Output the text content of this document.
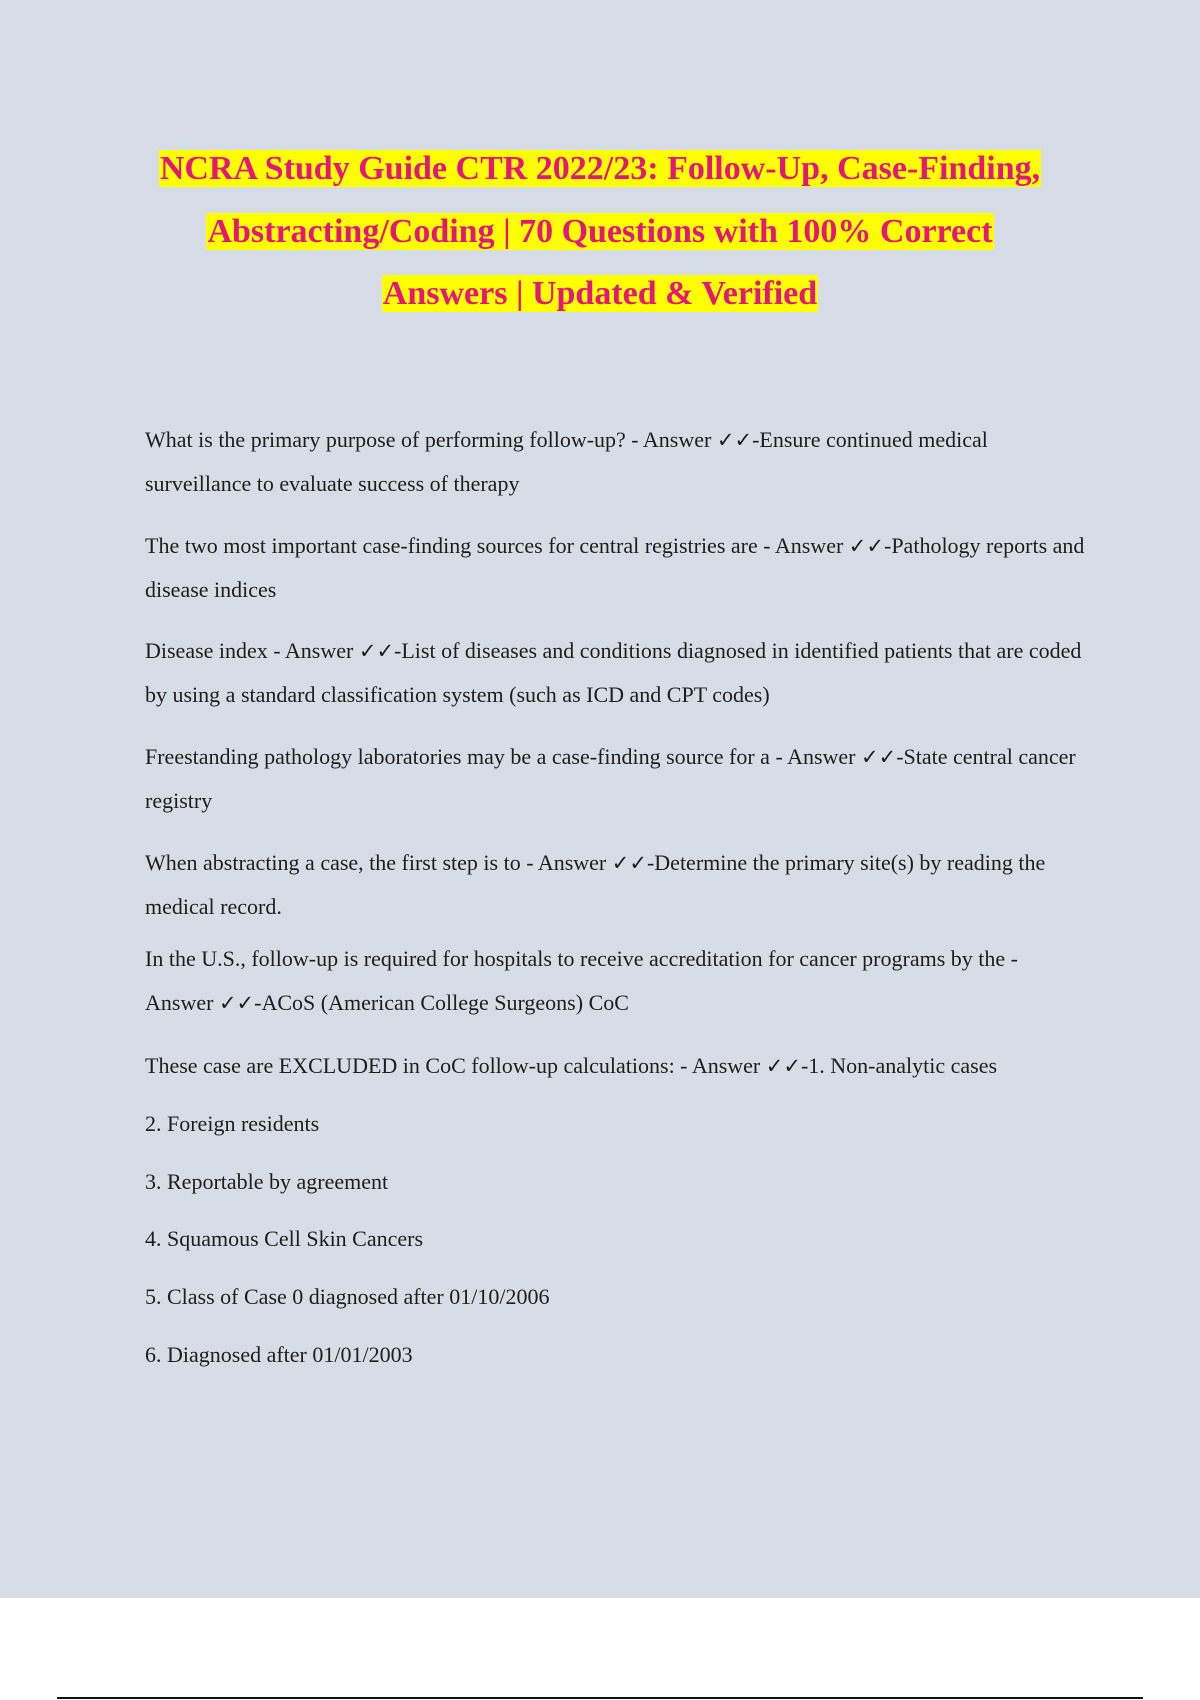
NCRA Study Guide CTR 2022/23: Follow-Up, Case-Finding,
Abstracting/Coding | 70 Questions with 100% Correct
Answers | Updated & Verified

What is the primary purpose of performing follow-up? - Answer ✓✓-Ensure continued medical surveillance to evaluate success of therapy

The two most important case-finding sources for central registries are - Answer ✓✓-Pathology reports and disease indices

Disease index - Answer ✓✓-List of diseases and conditions diagnosed in identified patients that are coded by using a standard classification system (such as ICD and CPT codes)

Freestanding pathology laboratories may be a case-finding source for a - Answer ✓✓-State central cancer registry

When abstracting a case, the first step is to - Answer ✓✓-Determine the primary site(s) by reading the medical record.

In the U.S., follow-up is required for hospitals to receive accreditation for cancer programs by the - Answer ✓✓-ACoS (American College Surgeons) CoC

These case are EXCLUDED in CoC follow-up calculations: - Answer ✓✓-1. Non-analytic cases

2. Foreign residents

3. Reportable by agreement

4. Squamous Cell Skin Cancers

5. Class of Case 0 diagnosed after 01/10/2006

6. Diagnosed after 01/01/2003
